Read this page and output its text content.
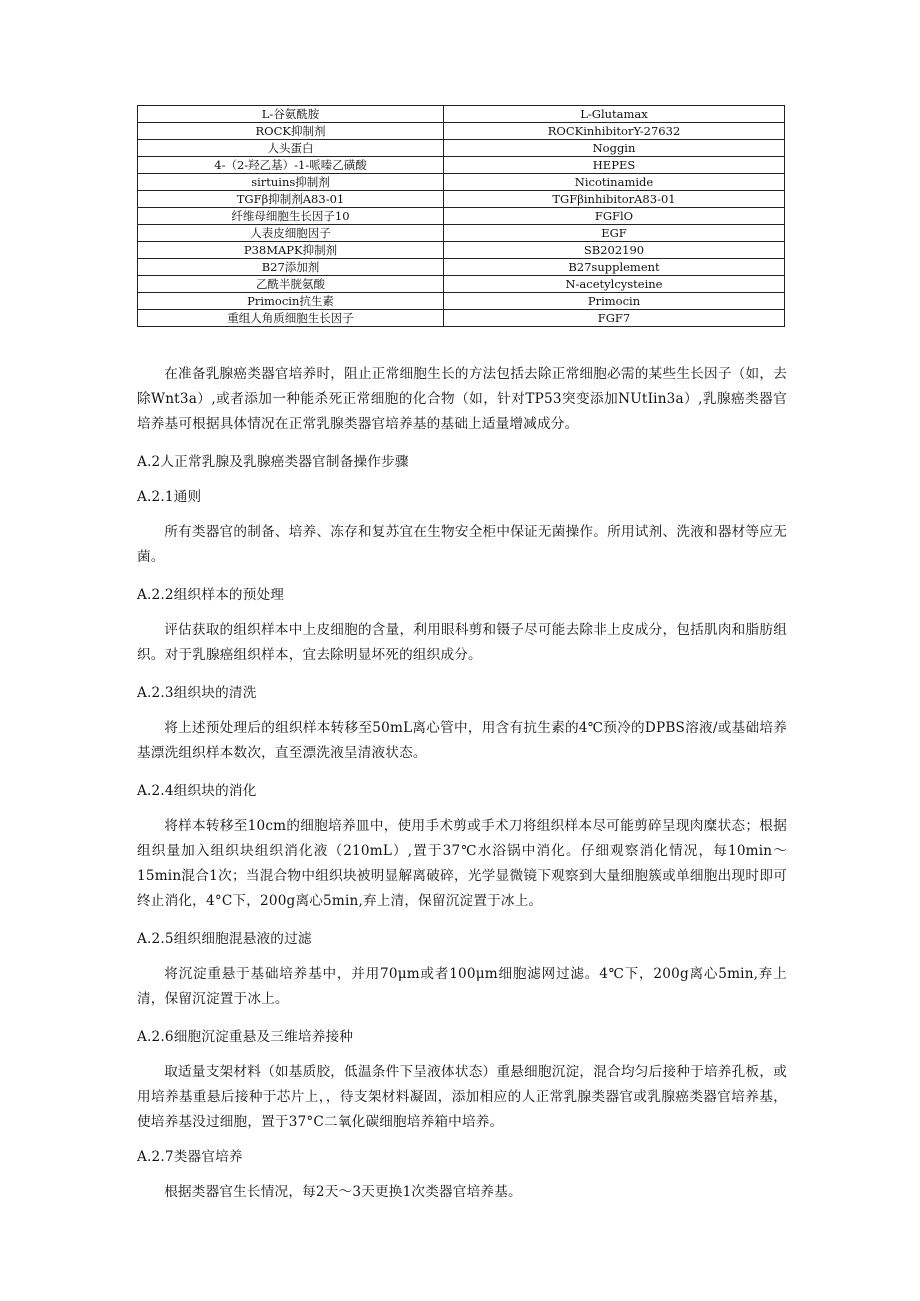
L-谷氨酰胺	L-Glutamax
ROCK抑制剂	ROCKinhibitorY-27632
人头蛋白	Noggin
4-（2-羟乙基）-1-哌嗪乙磺酸	HEPES
sirtuins抑制剂	Nicotinamide
TGFβ抑制剂A83-01	TGFβinhibitorA83-01
纤维母细胞生长因子10	FGFlO
人表皮细胞因子	EGF
P38MAPK抑制剂	SB202190
B27添加剂	B27supplement
乙酰半胱氨酸	N-acetylcysteine
Primocin抗生素	Primocin
重组人角质细胞生长因子	FGF7

在准备乳腺癌类器官培养时，阻止正常细胞生长的方法包括去除正常细胞必需的某些生长因子（如，去除Wnt3a）,或者添加一种能杀死正常细胞的化合物（如，针对TP53突变添加NUtIin3a）,乳腺癌类器官培养基可根据具体情况在正常乳腺类器官培养基的基础上适量增减成分。

A.2人正常乳腺及乳腺癌类器官制备操作步骤

A.2.1通则

所有类器官的制备、培养、冻存和复苏宜在生物安全柜中保证无菌操作。所用试剂、洗液和器材等应无菌。

A.2.2组织样本的预处理

评估获取的组织样本中上皮细胞的含量，利用眼科剪和镊子尽可能去除非上皮成分，包括肌肉和脂肪组织。对于乳腺癌组织样本，宜去除明显坏死的组织成分。

A.2.3组织块的清洗

将上述预处理后的组织样本转移至50mL离心管中，用含有抗生素的4℃预冷的DPBS溶液/或基础培养基漂洗组织样本数次，直至漂洗液呈清液状态。

A.2.4组织块的消化

将样本转移至10cm的细胞培养皿中，使用手术剪或手术刀将组织样本尽可能剪碎呈现肉糜状态；根据组织量加入组织块组织消化液（210mL）,置于37℃水浴锅中消化。仔细观察消化情况，每10min～15min混合1次；当混合物中组织块被明显解离破碎，光学显微镜下观察到大量细胞簇或单细胞出现时即可终止消化，4°C下，200g离心5min,弃上清，保留沉淀置于冰上。

A.2.5组织细胞混悬液的过滤

将沉淀重悬于基础培养基中，并用70μm或者100μm细胞滤网过滤。4℃下，200g离心5min,弃上清，保留沉淀置于冰上。

A.2.6细胞沉淀重悬及三维培养接种

取适量支架材料（如基质胶，低温条件下呈液体状态）重悬细胞沉淀，混合均匀后接种于培养孔板，或用培养基重悬后接种于芯片上，，待支架材料凝固，添加相应的人正常乳腺类器官或乳腺癌类器官培养基，使培养基没过细胞，置于37°C二氧化碳细胞培养箱中培养。

A.2.7类器官培养

根据类器官生长情况，每2天～3天更换1次类器官培养基。
